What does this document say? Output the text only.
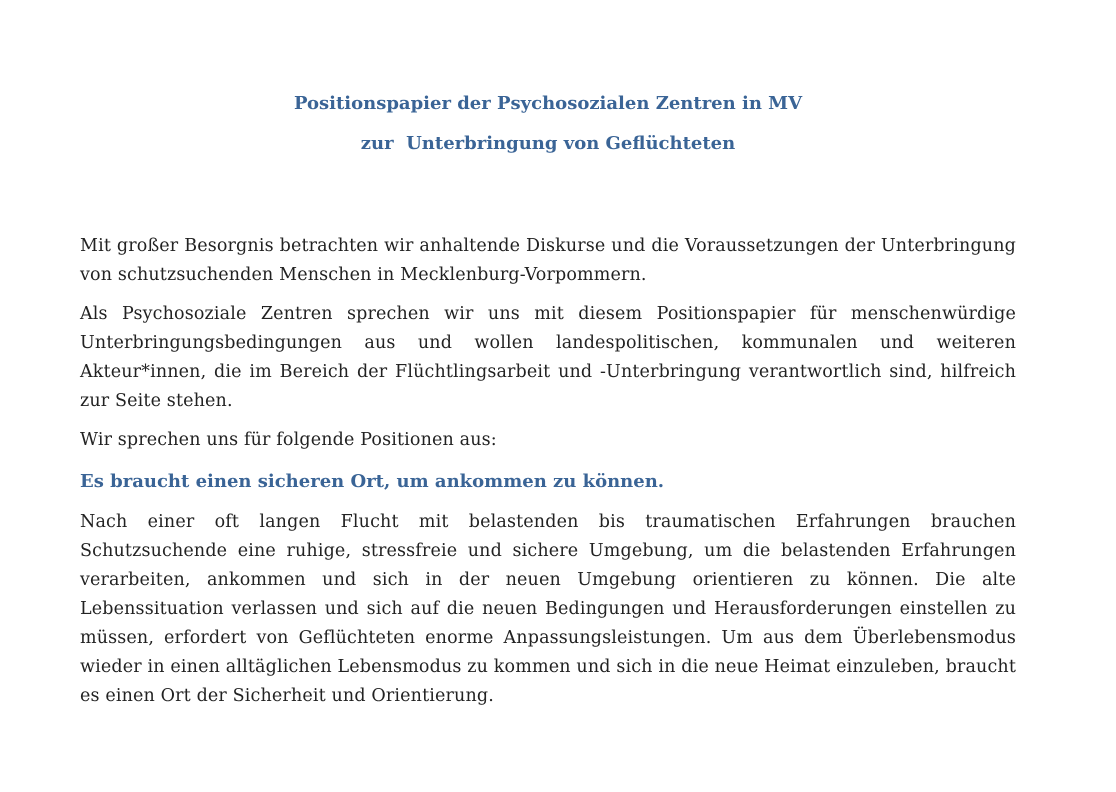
Positionspapier der Psychosozialen Zentren in MV
zur  Unterbringung von Geflüchteten

Mit großer Besorgnis betrachten wir anhaltende Diskurse und die Voraussetzungen der Unterbringung von schutzsuchenden Menschen in Mecklenburg-Vorpommern.

Als Psychosoziale Zentren sprechen wir uns mit diesem Positionspapier für menschenwürdige Unterbringungsbedingungen aus und wollen landespolitischen, kommunalen und weiteren Akteur*innen, die im Bereich der Flüchtlingsarbeit und -Unterbringung verantwortlich sind, hilfreich zur Seite stehen.

Wir sprechen uns für folgende Positionen aus:

Es braucht einen sicheren Ort, um ankommen zu können.

Nach einer oft langen Flucht mit belastenden bis traumatischen Erfahrungen brauchen Schutzsuchende eine ruhige, stressfreie und sichere Umgebung, um die belastenden Erfahrungen verarbeiten, ankommen und sich in der neuen Umgebung orientieren zu können. Die alte Lebenssituation verlassen und sich auf die neuen Bedingungen und Herausforderungen einstellen zu müssen, erfordert von Geflüchteten enorme Anpassungsleistungen. Um aus dem Überlebensmodus wieder in einen alltäglichen Lebensmodus zu kommen und sich in die neue Heimat einzuleben, braucht es einen Ort der Sicherheit und Orientierung.
